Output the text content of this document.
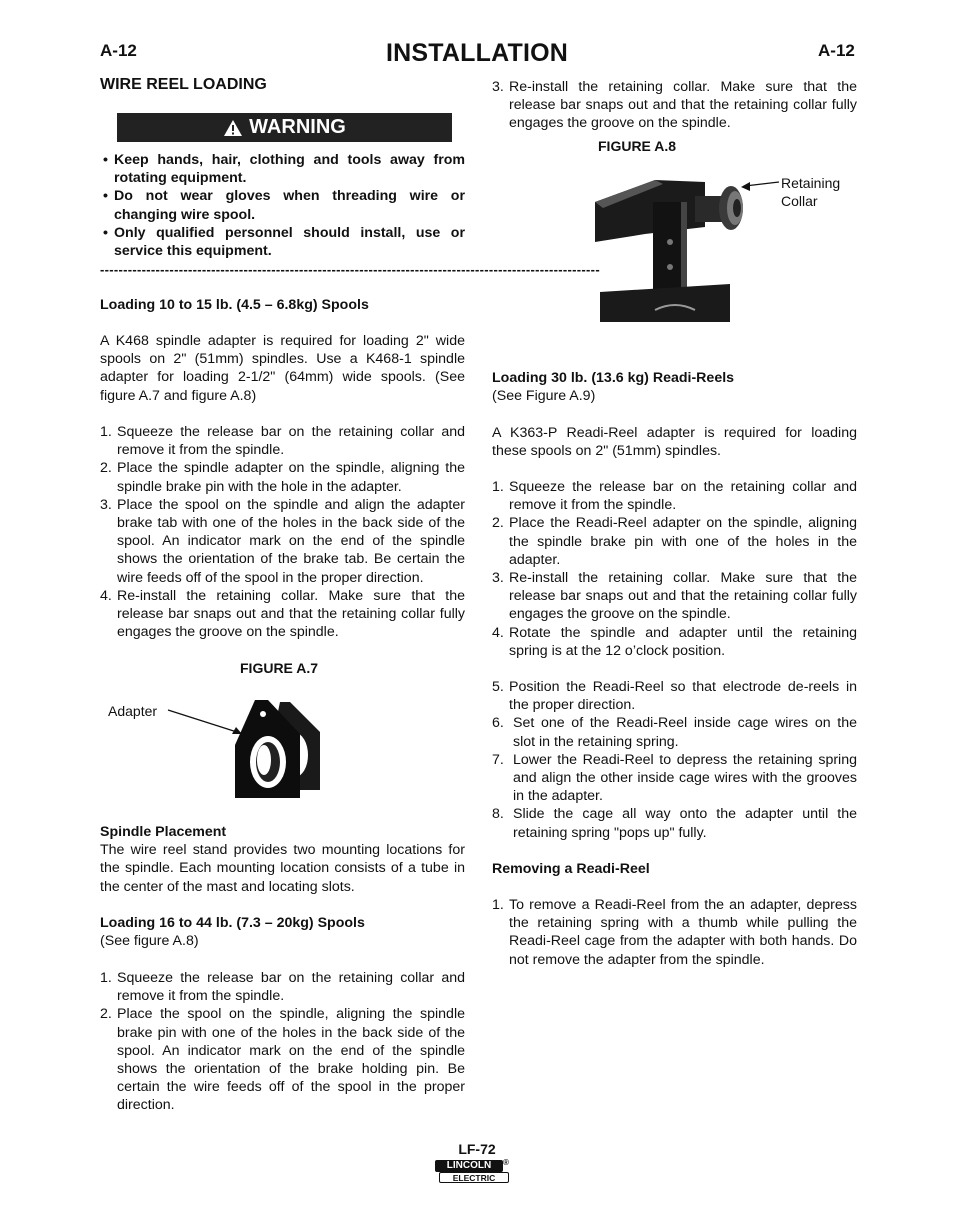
A-12	INSTALLATION	A-12
WIRE REEL LOADING
WARNING
• Keep hands, hair, clothing and tools away from rotating equipment.
• Do not wear gloves when threading wire or changing wire spool.
• Only qualified personnel should install, use or service this equipment.
------------------------------------------------------------------------------------------------------------
Loading 10 to 15 lb. (4.5 – 6.8kg) Spools

A K468 spindle adapter is required for loading 2" wide spools on 2" (51mm) spindles. Use a K468-1 spindle adapter for loading 2-1/2" (64mm) wide spools. (See figure A.7 and figure A.8)

1. Squeeze the release bar on the retaining collar and remove it from the spindle.
2. Place the spindle adapter on the spindle, aligning the spindle brake pin with the hole in the adapter.
3. Place the spool on the spindle and align the adapter brake tab with one of the holes in the back side of the spool. An indicator mark on the end of the spindle shows the orientation of the brake tab. Be certain the wire feeds off of the spool in the proper direction.
4. Re-install the retaining collar. Make sure that the release bar snaps out and that the retaining collar fully engages the groove on the spindle.
FIGURE A.7
Adapter
Spindle Placement

The wire reel stand provides two mounting locations for the spindle. Each mounting location consists of a tube in the center of the mast and locating slots.

Loading 16 to 44 lb. (7.3 – 20kg) Spools
(See figure A.8)
1. Squeeze the release bar on the retaining collar and remove it from the spindle.
2. Place the spool on the spindle, aligning the spindle brake pin with one of the holes in the back side of the spool. An indicator mark on the end of the spindle shows the orientation of the brake holding pin. Be certain the wire feeds off of the spool in the proper direction.
3. Re-install the retaining collar. Make sure that the release bar snaps out and that the retaining collar fully engages the groove on the spindle.
FIGURE A.8
Retaining
Collar
Loading 30 lb. (13.6 kg) Readi-Reels
(See Figure A.9)

A K363-P Readi-Reel adapter is required for loading these spools on 2" (51mm) spindles.

1. Squeeze the release bar on the retaining collar and remove it from the spindle.
2. Place the Readi-Reel adapter on the spindle, aligning the spindle brake pin with one of the holes in the adapter.
3. Re-install the retaining collar. Make sure that the release bar snaps out and that the retaining collar fully engages the groove on the spindle.
4. Rotate the spindle and adapter until the retaining spring is at the 12 o’clock position.
5. Position the Readi-Reel so that electrode de-reels in the proper direction.
6. Set one of the Readi-Reel inside cage wires on the slot in the retaining spring.
7. Lower the Readi-Reel to depress the retaining spring and align the other inside cage wires with the grooves in the adapter.
8. Slide the cage all way onto the adapter until the retaining spring "pops up" fully.
Removing a Readi-Reel
1. To remove a Readi-Reel from the an adapter, depress the retaining spring with a thumb while pulling the Readi-Reel cage from the adapter with both hands. Do not remove the adapter from the spindle.
LF-72
LINCOLN	®
ELECTRIC
